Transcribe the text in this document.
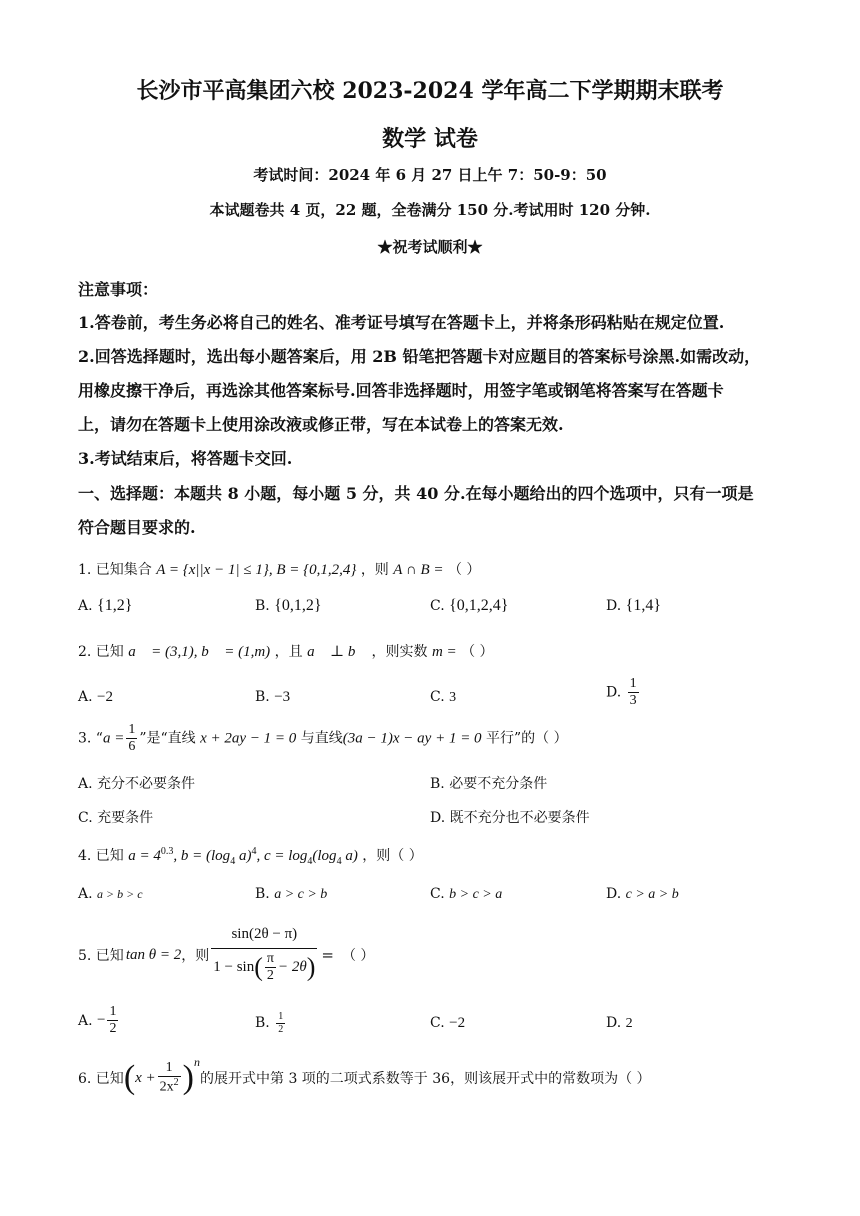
长沙市平高集团六校 2023-2024 学年高二下学期期末联考
数学 试卷
考试时间：2024 年 6 月 27 日上午 7：50-9：50
本试题卷共 4 页，22 题，全卷满分 150 分.考试用时 120 分钟.
★祝考试顺利★
注意事项：
1.答卷前，考生务必将自己的姓名、准考证号填写在答题卡上，并将条形码粘贴在规定位置.
2.回答选择题时，选出每小题答案后，用 2B 铅笔把答题卡对应题目的答案标号涂黑.如需改动，
用橡皮擦干净后，再选涂其他答案标号.回答非选择题时，用签字笔或钢笔将答案写在答题卡
上，请勿在答题卡上使用涂改液或修正带，写在本试卷上的答案无效.
3.考试结束后，将答题卡交回.
一、选择题：本题共 8 小题，每小题 5 分，共 40 分.在每小题给出的四个选项中，只有一项是
符合题目要求的.
1. 已知集合 A = {x||x − 1| ≤ 1}, B = {0,1,2,4} ，则 A ∩ B = （ ）
A. {1,2}	B. {0,1,2}	C. {0,1,2,4}	D. {1,4}
2. 已知 a⃗ = (3,1), b⃗ = (1,m) ，且 a⃗ ⊥ b⃗ ，则实数 m = （ ）
A. −2	B. −3	C. 3	D. $\frac{1}{3}$
3. “$a = \frac{1}{6}$ ”是“直线 x + 2ay − 1 = 0 与直线(3a − 1)x − ay + 1 = 0 平行”的（ ）
A. 充分不必要条件	B. 必要不充分条件
C. 充要条件	D. 既不充分也不必要条件
4. 已知 $a = 4^{0.3}$, $b = (\log_4$ a)$^4$, $c = \log_4(\log_4$ a) ，则（ ）
A. a > b > c	B. a > c > b	C. b > c > a	D. c > a > b
5. 已知 tan θ = 2 ，则 $\frac{\sin(2\theta - \pi)}{1 - \sin( \frac{\pi}{2} - 2\theta)}$ = （ ）
A.
− $\frac{1}{2}$	B.
$\frac{1}{2}$	C. −2	D. 2
6. 已知 ( $x + \frac{1}{2x^2}$ ) n
的展开式中第 3 项的二项式系数等于 36，则该展开式中的常数项为（ ）
